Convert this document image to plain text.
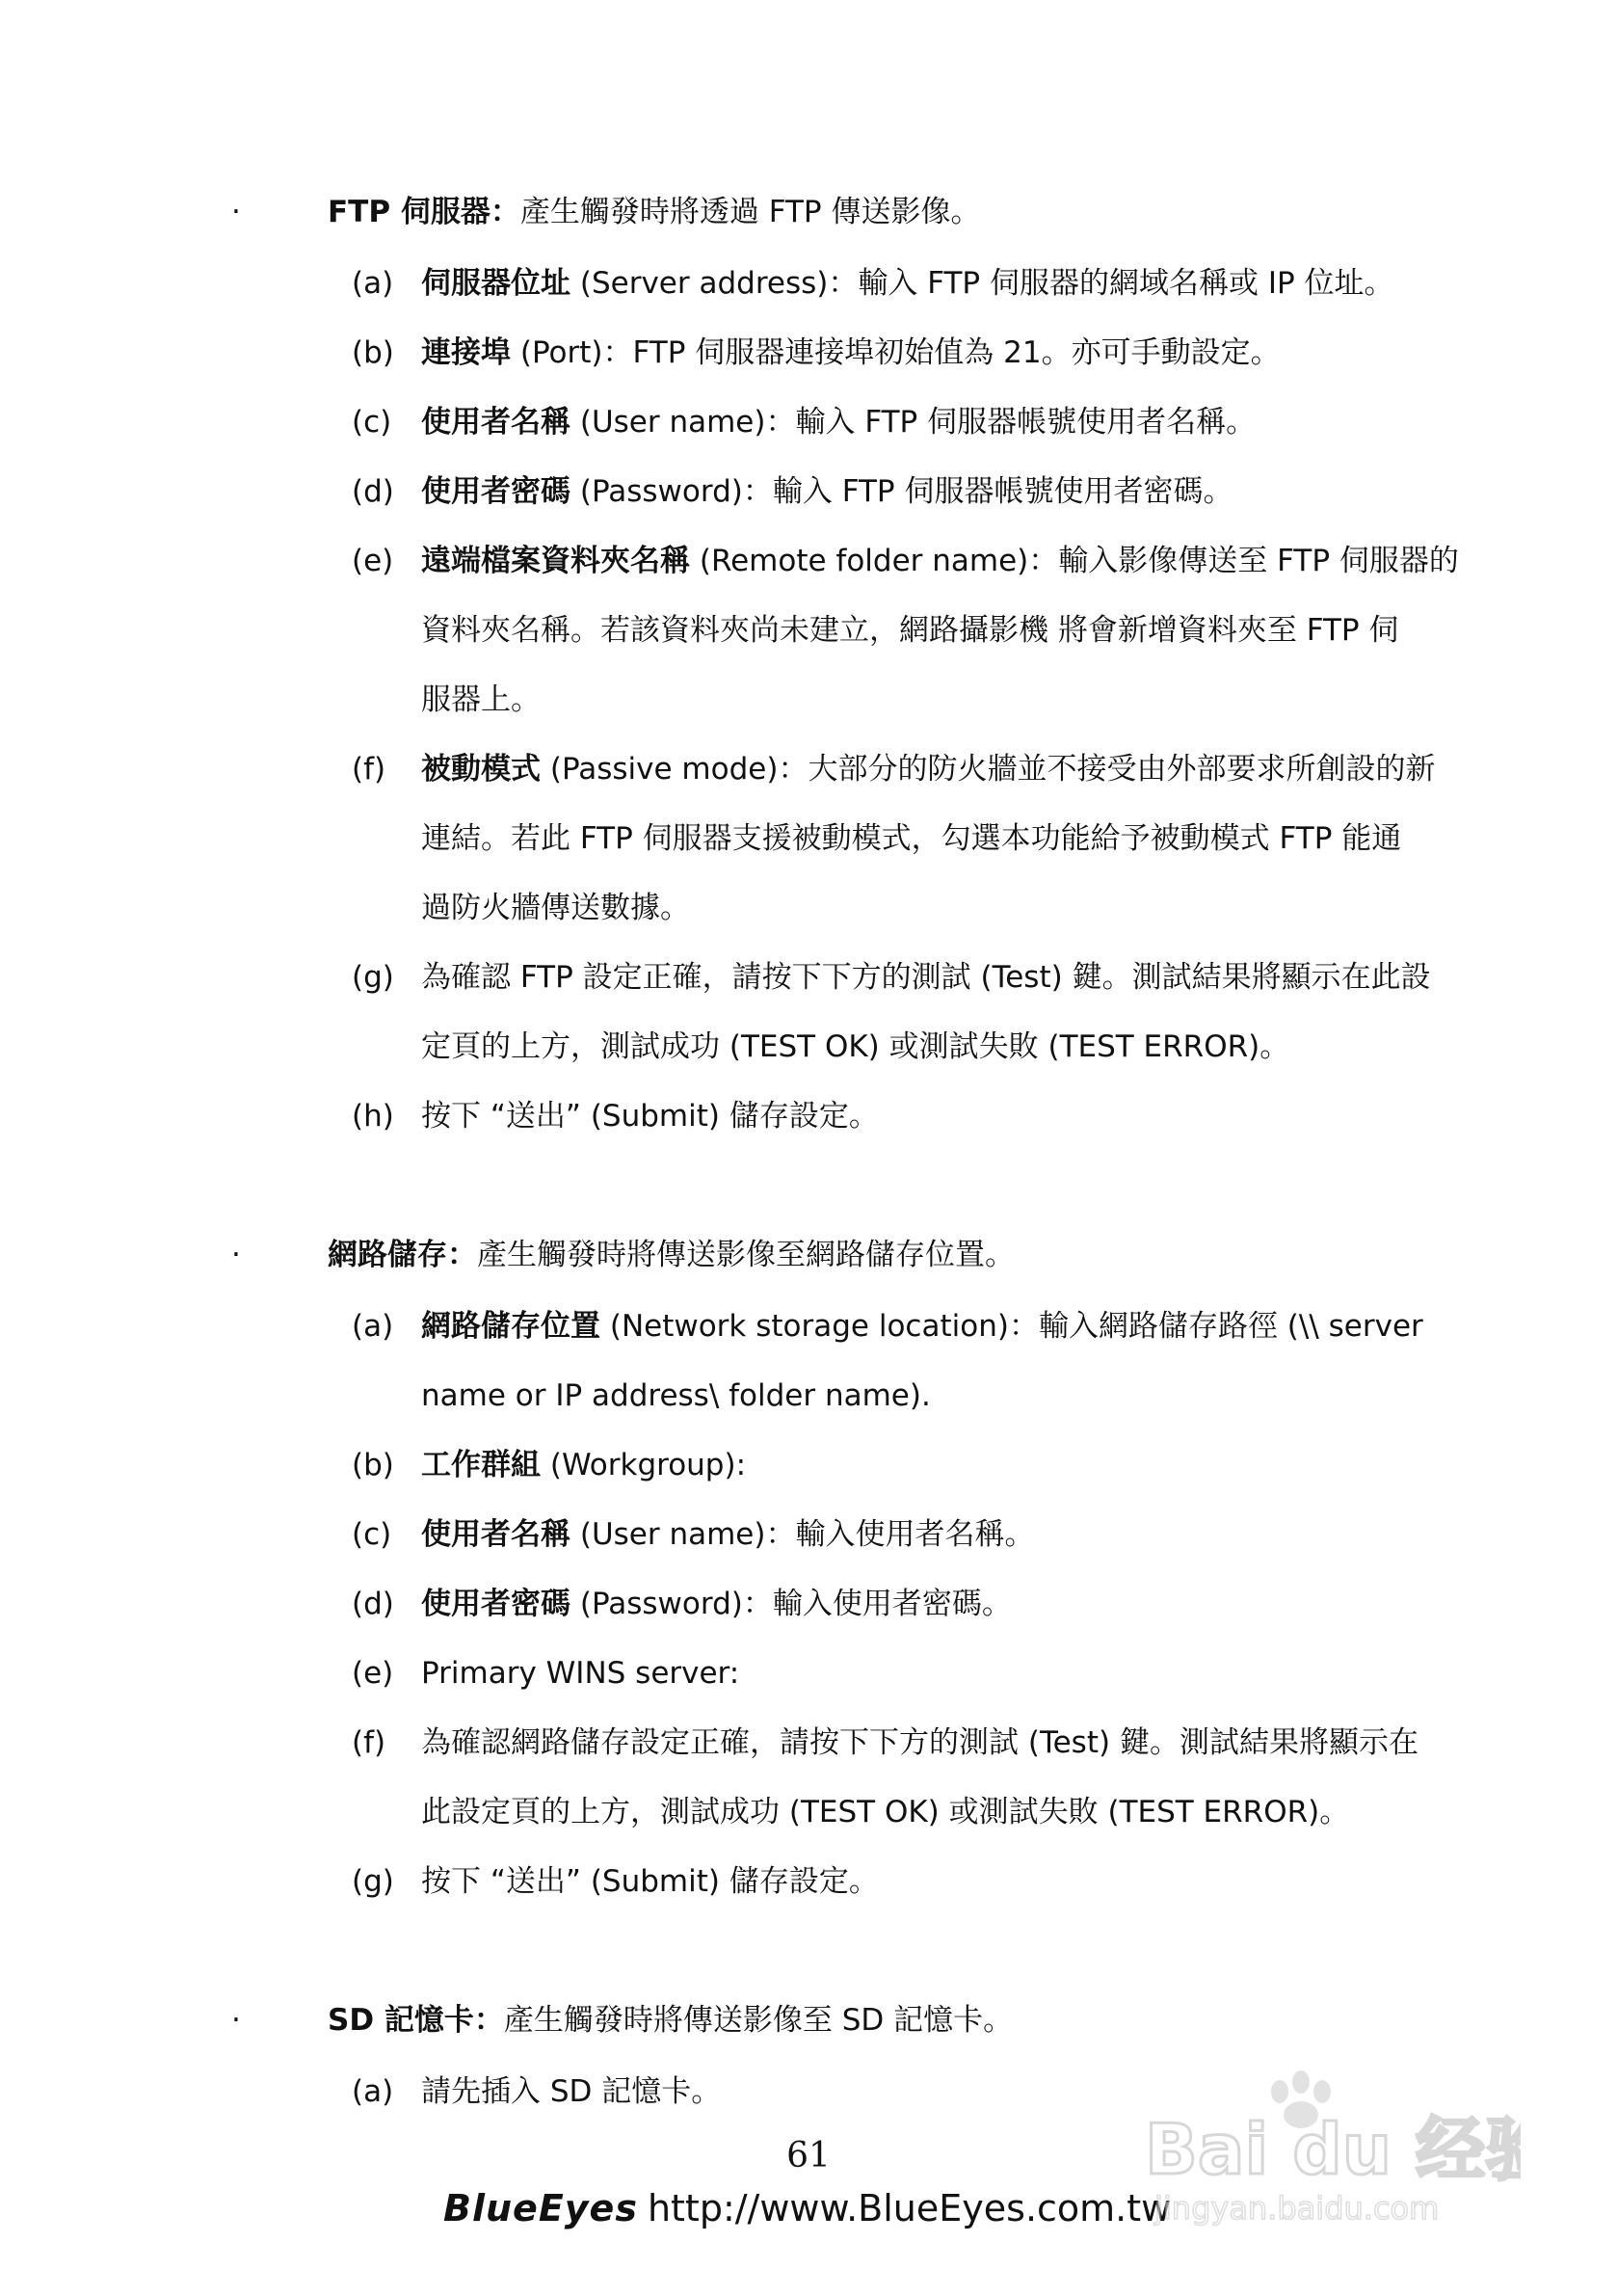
·	FTP 伺服器：產生觸發時將透過 FTP 傳送影像。
(a) 伺服器位址 (Server address)：輸入 FTP 伺服器的網域名稱或 IP 位址。
(b) 連接埠 (Port)：FTP 伺服器連接埠初始值為 21。亦可手動設定。
(c) 使用者名稱 (User name)：輸入 FTP 伺服器帳號使用者名稱。
(d) 使用者密碼 (Password)：輸入 FTP 伺服器帳號使用者密碼。
(e) 遠端檔案資料夾名稱 (Remote folder name)：輸入影像傳送至 FTP 伺服器的
資料夾名稱。若該資料夾尚未建立，網路攝影機 將會新增資料夾至 FTP 伺
服器上。
(f) 被動模式 (Passive mode)：大部分的防火牆並不接受由外部要求所創設的新
連結。若此 FTP 伺服器支援被動模式，勾選本功能給予被動模式 FTP 能通
過防火牆傳送數據。
(g) 為確認 FTP 設定正確，請按下下方的測試 (Test) 鍵。測試結果將顯示在此設
定頁的上方，測試成功 (TEST OK) 或測試失敗 (TEST ERROR)。
(h) 按下 “送出” (Submit) 儲存設定。
·	網路儲存：產生觸發時將傳送影像至網路儲存位置。
(a) 網路儲存位置 (Network storage location)：輸入網路儲存路徑 (\\ server
name or IP address\ folder name).
(b) 工作群組 (Workgroup):
(c) 使用者名稱 (User name)：輸入使用者名稱。
(d) 使用者密碼 (Password)：輸入使用者密碼。
(e) Primary WINS server:
(f) 為確認網路儲存設定正確，請按下下方的測試 (Test) 鍵。測試結果將顯示在
此設定頁的上方，測試成功 (TEST OK) 或測試失敗 (TEST ERROR)。
(g) 按下 “送出” (Submit) 儲存設定。
·	SD 記憶卡：產生觸發時將傳送影像至 SD 記憶卡。
(a) 請先插入 SD 記憶卡。
61
BlueEyes http://www.BlueEyes.com.tw
Bai du 经验
jingyan.baidu.com
